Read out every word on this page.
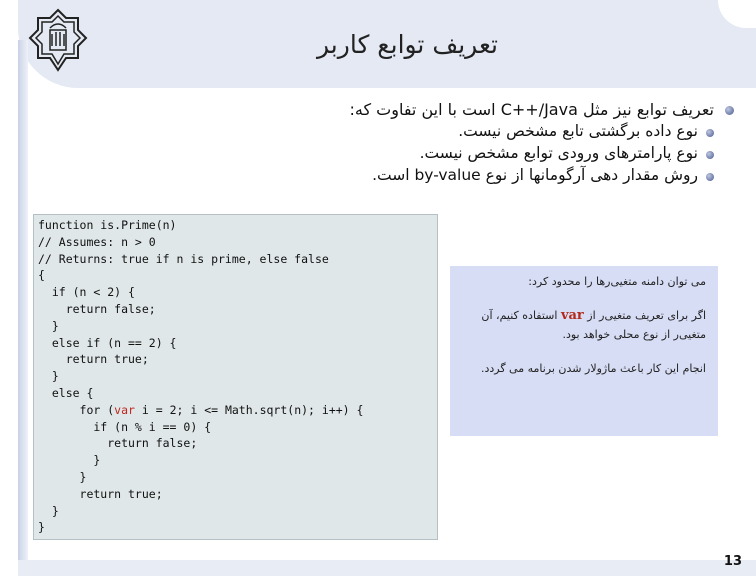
تعریف توابع کاربر
تعریف توابع نیز مثل C++/Java است با این تفاوت که:
نوع داده برگشتی تابع مشخص نیست.
نوع پارامترهای ورودی توابع مشخص نیست.
روش مقدار دهی آرگومانها از نوع by-value است.
function is.Prime(n)
// Assumes: n > 0
// Returns: true if n is prime, else false
{
if (n < 2) {
return false;
}
else if (n == 2) {
return true;
}
else {
for (var i = 2; i <= Math.sqrt(n); i++) {
if (n % i == 0) {
return false;
}
}
return true;
}
}

می توان دامنه متغیی‌رها را محدود کرد:

اگر برای تعریف متغیی‌ر از var استفاده کنیم، آن متغیی‌ر از نوع محلی خواهد بود.

انجام این کار باعث ماژولار شدن برنامه می گردد.

13
